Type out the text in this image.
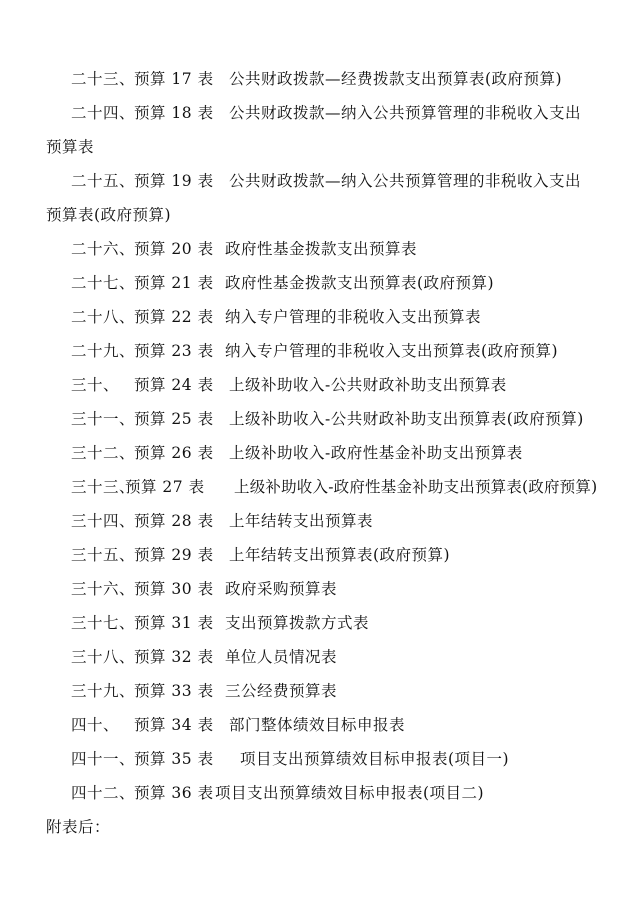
二十三、预算 17 表 公共财政拨款—经费拨款支出预算表(政府预算)
二十四、预算 18 表 公共财政拨款—纳入公共预算管理的非税收入支出
预算表
二十五、预算 19 表 公共财政拨款—纳入公共预算管理的非税收入支出
预算表(政府预算)
二十六、预算 20 表 政府性基金拨款支出预算表
二十七、预算 21 表 政府性基金拨款支出预算表(政府预算)
二十八、预算 22 表 纳入专户管理的非税收入支出预算表
二十九、预算 23 表 纳入专户管理的非税收入支出预算表(政府预算)
三十、 预算 24 表 上级补助收入-公共财政补助支出预算表
三十一、预算 25 表 上级补助收入-公共财政补助支出预算表(政府预算)
三十二、预算 26 表 上级补助收入-政府性基金补助支出预算表
三十三、预算 27 表 上级补助收入-政府性基金补助支出预算表(政府预算)
三十四、预算 28 表 上年结转支出预算表
三十五、预算 29 表 上年结转支出预算表(政府预算)
三十六、预算 30 表 政府采购预算表
三十七、预算 31 表 支出预算拨款方式表
三十八、预算 32 表 单位人员情况表
三十九、预算 33 表 三公经费预算表
四十、 预算 34 表 部门整体绩效目标申报表
四十一、预算 35 表 项目支出预算绩效目标申报表(项目一)
四十二、预算 36 表项目支出预算绩效目标申报表(项目二)
附表后：
